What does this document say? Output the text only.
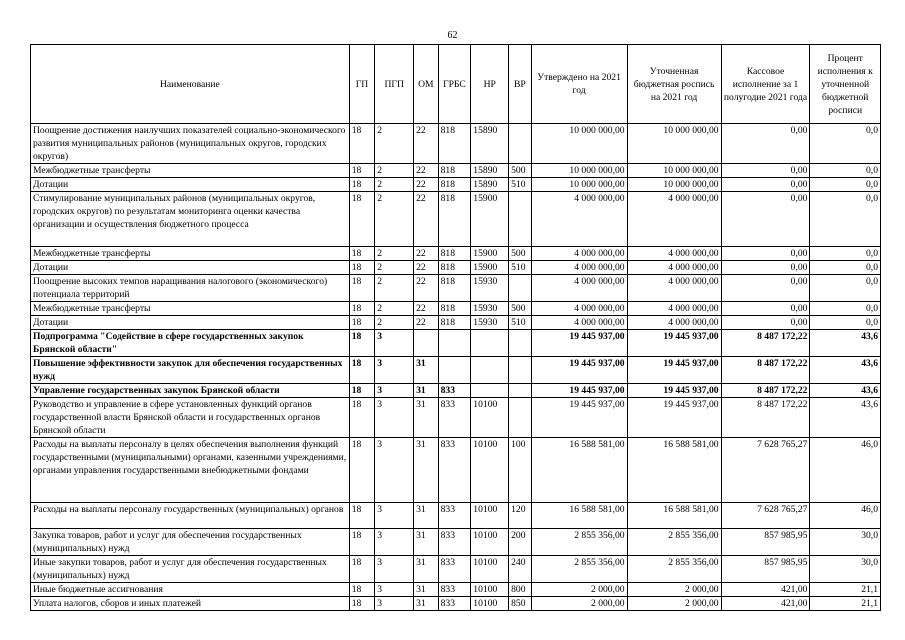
62
Наименование	ГП	ПГП	ОМ	ГРБС	НР	ВР	Утверждено на 2021 год	Уточненная бюджетная роспись на 2021 год	Кассовое исполнение за 1 полугодие 2021 года	Процент исполнения к уточненной бюджетной росписи
Поощрение достижения наилучших показателей социально-экономического развития муниципальных районов (муниципальных округов, городских округов)	18	2	22	818	15890		10 000 000,00	10 000 000,00	0,00	0,0
Межбюджетные трансферты	18	2	22	818	15890	500	10 000 000,00	10 000 000,00	0,00	0,0
Дотации	18	2	22	818	15890	510	10 000 000,00	10 000 000,00	0,00	0,0
Стимулирование муниципальных районов (муниципальных округов, городских округов) по результатам мониторинга оценки качества организации и осуществления бюджетного процесса	18	2	22	818	15900		4 000 000,00	4 000 000,00	0,00	0,0
Межбюджетные трансферты	18	2	22	818	15900	500	4 000 000,00	4 000 000,00	0,00	0,0
Дотации	18	2	22	818	15900	510	4 000 000,00	4 000 000,00	0,00	0,0
Поощрение высоких темпов наращивания налогового (экономического) потенциала территорий	18	2	22	818	15930		4 000 000,00	4 000 000,00	0,00	0,0
Межбюджетные трансферты	18	2	22	818	15930	500	4 000 000,00	4 000 000,00	0,00	0,0
Дотации	18	2	22	818	15930	510	4 000 000,00	4 000 000,00	0,00	0,0
Подпрограмма "Содействие в сфере государственных закупок Брянской области"	18	3					19 445 937,00	19 445 937,00	8 487 172,22	43,6
Повышение эффективности закупок для обеспечения государственных нужд	18	3	31				19 445 937,00	19 445 937,00	8 487 172,22	43,6
Управление государственных закупок Брянской области	18	3	31	833			19 445 937,00	19 445 937,00	8 487 172,22	43,6
Руководство и управление в сфере установленных функций органов государственной власти Брянской области и государственных органов Брянской области	18	3	31	833	10100		19 445 937,00	19 445 937,00	8 487 172,22	43,6
Расходы на выплаты персоналу в целях обеспечения выполнения функций государственными (муниципальными) органами, казенными учреждениями, органами управления государственными внебюджетными фондами	18	3	31	833	10100	100	16 588 581,00	16 588 581,00	7 628 765,27	46,0
Расходы на выплаты персоналу государственных (муниципальных) органов	18	3	31	833	10100	120	16 588 581,00	16 588 581,00	7 628 765,27	46,0
Закупка товаров, работ и услуг для обеспечения государственных (муниципальных) нужд	18	3	31	833	10100	200	2 855 356,00	2 855 356,00	857 985,95	30,0
Иные закупки товаров, работ и услуг для обеспечения государственных (муниципальных) нужд	18	3	31	833	10100	240	2 855 356,00	2 855 356,00	857 985,95	30,0
Иные бюджетные ассигнования	18	3	31	833	10100	800	2 000,00	2 000,00	421,00	21,1
Уплата налогов, сборов и иных платежей	18	3	31	833	10100	850	2 000,00	2 000,00	421,00	21,1
